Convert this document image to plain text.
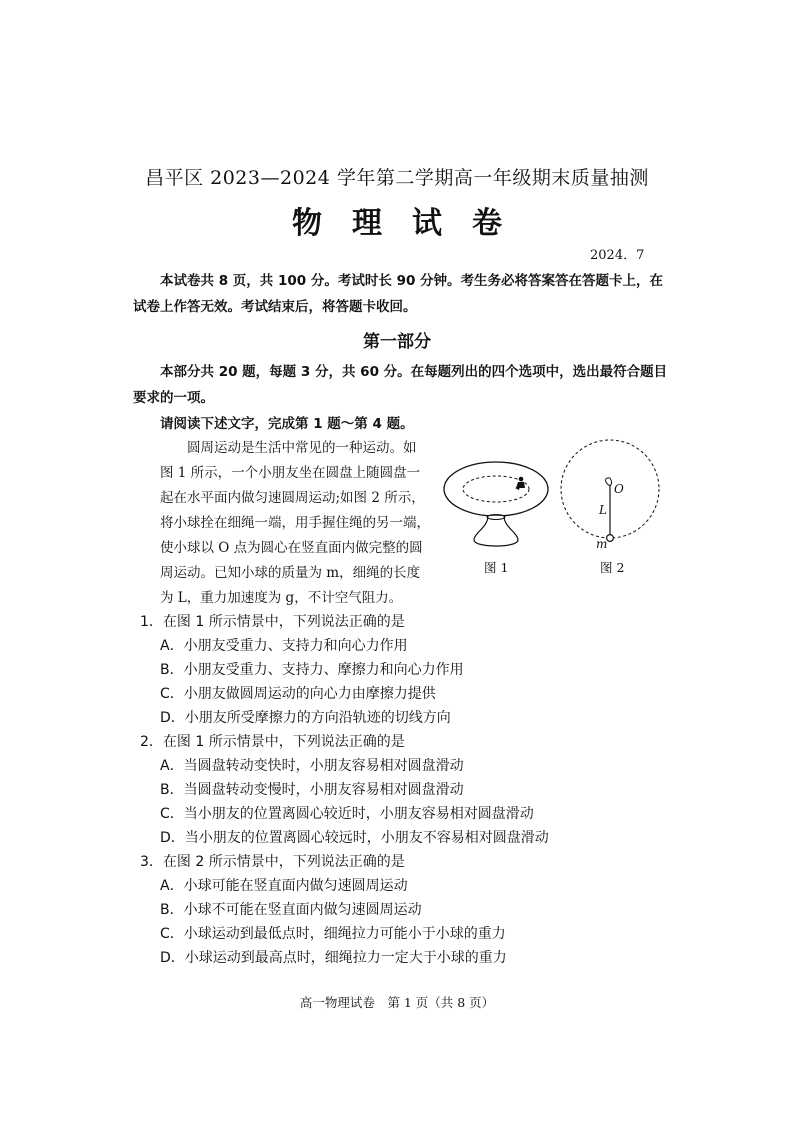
昌平区 2023—2024 学年第二学期高一年级期末质量抽测
物理试卷
2024．7
本试卷共 8 页，共 100 分。考试时长 90 分钟。考生务必将答案答在答题卡上，在
试卷上作答无效。考试结束后，将答题卡收回。
第一部分
本部分共 20 题，每题 3 分，共 60 分。在每题列出的四个选项中，选出最符合题目
要求的一项。
请阅读下述文字，完成第 1 题～第 4 题。
圆周运动是生活中常见的一种运动。如
图 1 所示，一个小朋友坐在圆盘上随圆盘一
起在水平面内做匀速圆周运动;如图 2 所示，
将小球拴在细绳一端，用手握住绳的另一端，
使小球以 O 点为圆心在竖直面内做完整的圆
周运动。已知小球的质量为 m，细绳的长度
为 L，重力加速度为 g，不计空气阻力。
图 1
O
L
m
图 2
1．在图 1 所示情景中，下列说法正确的是
A．小朋友受重力、支持力和向心力作用
B．小朋友受重力、支持力、摩擦力和向心力作用
C．小朋友做圆周运动的向心力由摩擦力提供
D．小朋友所受摩擦力的方向沿轨迹的切线方向
2．在图 1 所示情景中，下列说法正确的是
A．当圆盘转动变快时，小朋友容易相对圆盘滑动
B．当圆盘转动变慢时，小朋友容易相对圆盘滑动
C．当小朋友的位置离圆心较近时，小朋友容易相对圆盘滑动
D．当小朋友的位置离圆心较远时，小朋友不容易相对圆盘滑动
3．在图 2 所示情景中，下列说法正确的是
A．小球可能在竖直面内做匀速圆周运动
B．小球不可能在竖直面内做匀速圆周运动
C．小球运动到最低点时，细绳拉力可能小于小球的重力
D．小球运动到最高点时，细绳拉力一定大于小球的重力
高一物理试卷　第 1 页（共 8 页）
